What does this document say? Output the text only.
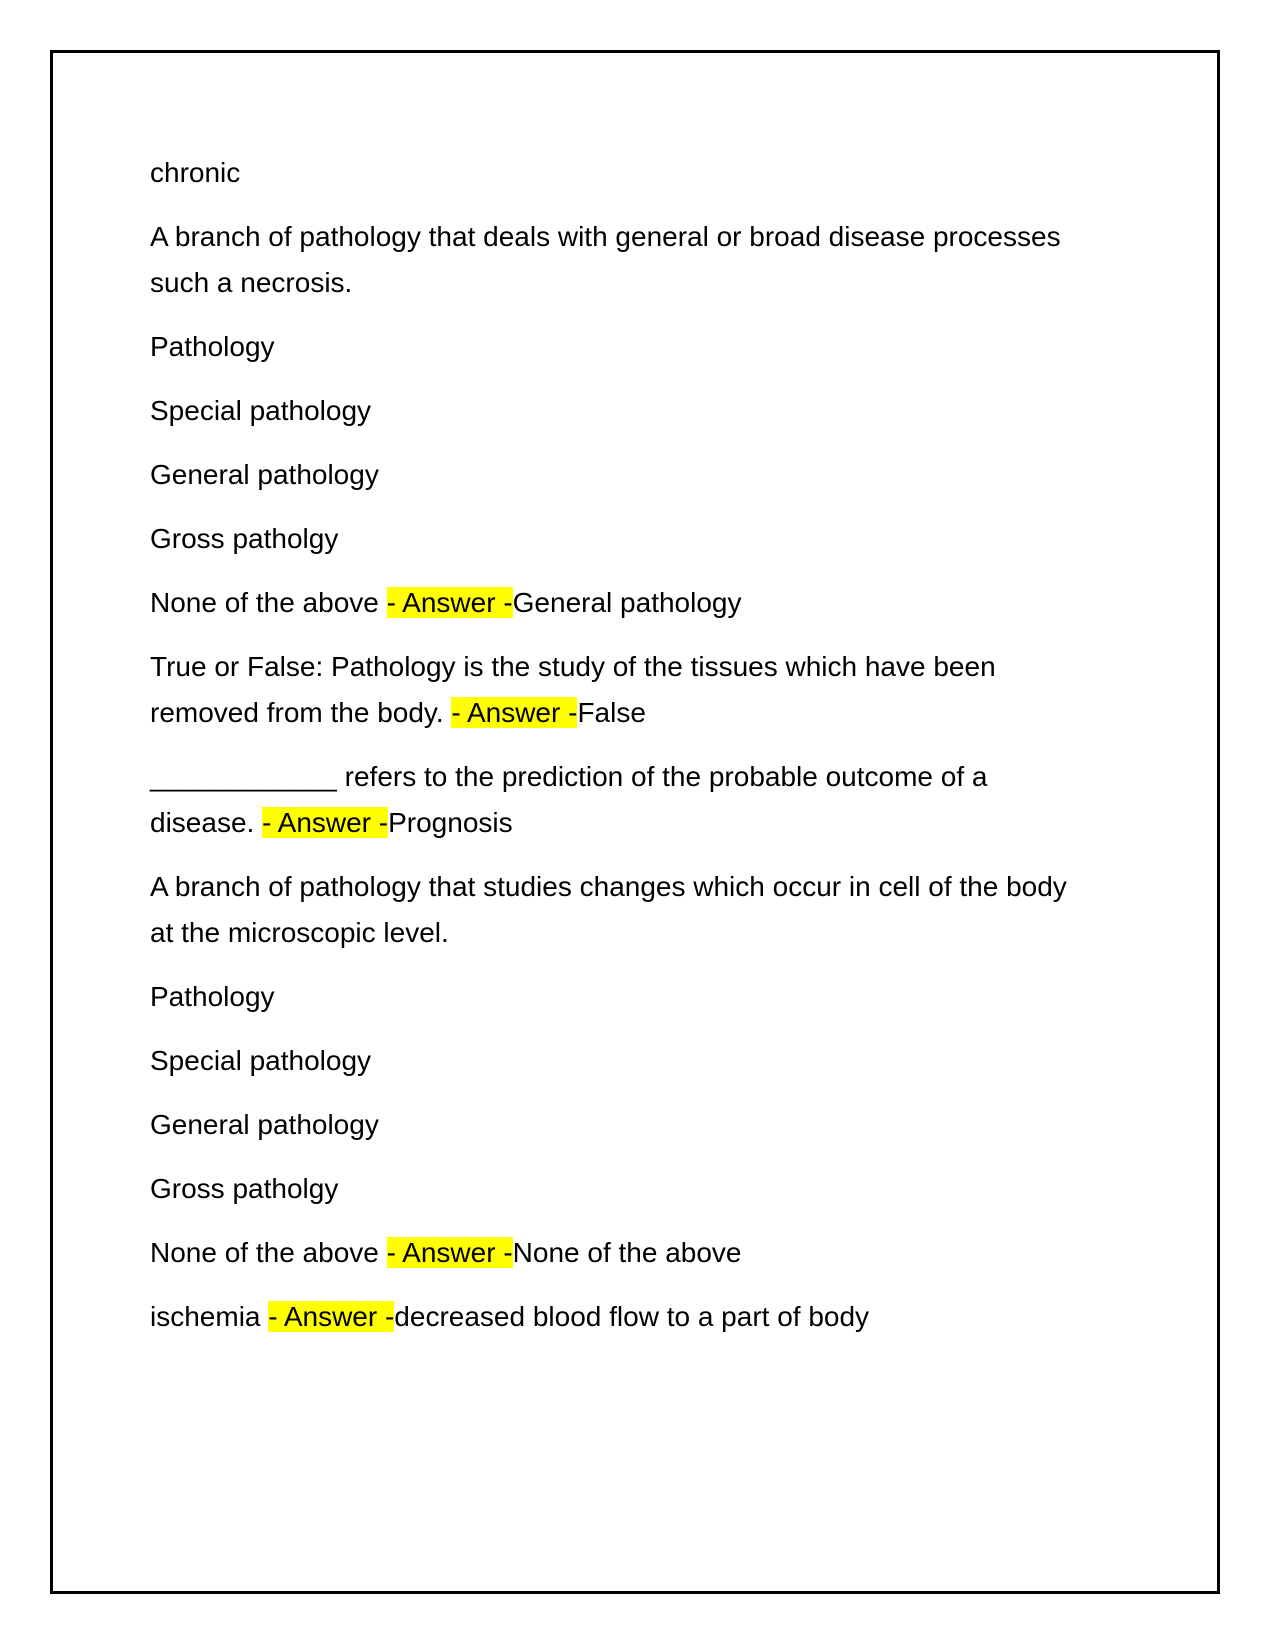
chronic

A branch of pathology that deals with general or broad disease processes such a necrosis.

Pathology

Special pathology

General pathology

Gross patholgy

None of the above - Answer -General pathology

True or False: Pathology is the study of the tissues which have been removed from the body. - Answer -False

____________ refers to the prediction of the probable outcome of a disease. - Answer -Prognosis

A branch of pathology that studies changes which occur in cell of the body at the microscopic level.

Pathology

Special pathology

General pathology

Gross patholgy

None of the above - Answer -None of the above

ischemia - Answer -decreased blood flow to a part of body
